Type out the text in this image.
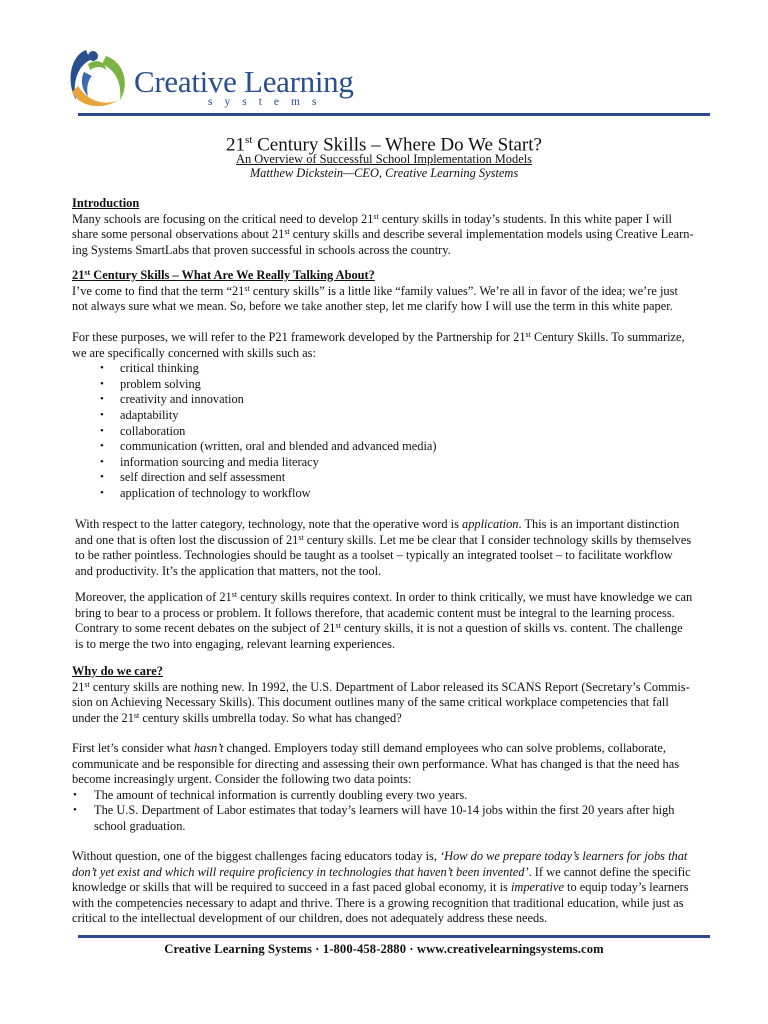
Creative Learning
systems
21st Century Skills – Where Do We Start?
An Overview of Successful School Implementation Models
Matthew Dickstein—CEO, Creative Learning Systems
Introduction
Many schools are focusing on the critical need to develop 21st century skills in today’s students. In this white paper I will
share some personal observations about 21st century skills and describe several implementation models using Creative Learn-
ing Systems SmartLabs that proven successful in schools across the country.
21st Century Skills – What Are We Really Talking About?
I’ve come to find that the term “21st century skills” is a little like “family values”. We’re all in favor of the idea; we’re just
not always sure what we mean. So, before we take another step, let me clarify how I will use the term in this white paper.
For these purposes, we will refer to the P21 framework developed by the Partnership for 21st Century Skills. To summarize,
we are specifically concerned with skills such as:
• critical thinking
• problem solving
• creativity and innovation
• adaptability
• collaboration
• communication (written, oral and blended and advanced media)
• information sourcing and media literacy
• self direction and self assessment
• application of technology to workflow
With respect to the latter category, technology, note that the operative word is application. This is an important distinction
and one that is often lost the discussion of 21st century skills. Let me be clear that I consider technology skills by themselves
to be rather pointless. Technologies should be taught as a toolset – typically an integrated toolset – to facilitate workflow
and productivity. It’s the application that matters, not the tool.
Moreover, the application of 21st century skills requires context. In order to think critically, we must have knowledge we can
bring to bear to a process or problem. It follows therefore, that academic content must be integral to the learning process.
Contrary to some recent debates on the subject of 21st century skills, it is not a question of skills vs. content. The challenge
is to merge the two into engaging, relevant learning experiences.
Why do we care?
21st century skills are nothing new. In 1992, the U.S. Department of Labor released its SCANS Report (Secretary’s Commis-
sion on Achieving Necessary Skills). This document outlines many of the same critical workplace competencies that fall
under the 21st century skills umbrella today. So what has changed?
First let’s consider what hasn’t changed. Employers today still demand employees who can solve problems, collaborate,
communicate and be responsible for directing and assessing their own performance. What has changed is that the need has
become increasingly urgent. Consider the following two data points:
• The amount of technical information is currently doubling every two years.
• The U.S. Department of Labor estimates that today’s learners will have 10-14 jobs within the first 20 years after high
school graduation.
Without question, one of the biggest challenges facing educators today is, ‘How do we prepare today’s learners for jobs that
don’t yet exist and which will require proficiency in technologies that haven’t been invented’. If we cannot define the specific
knowledge or skills that will be required to succeed in a fast paced global economy, it is imperative to equip today’s learners
with the competencies necessary to adapt and thrive. There is a growing recognition that traditional education, while just as
critical to the intellectual development of our children, does not adequately address these needs.
Creative Learning Systems · 1-800-458-2880 · www.creativelearningsystems.com
